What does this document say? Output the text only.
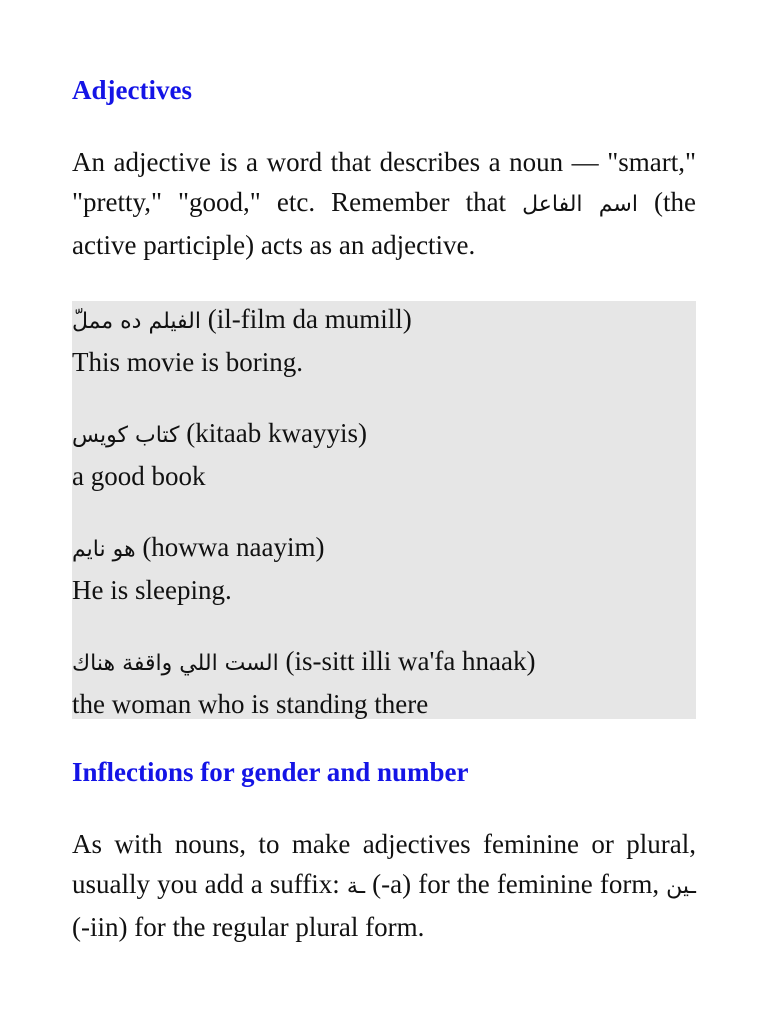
Adjectives

An adjective is a word that describes a noun — "smart," "pretty," "good," etc. Remember that اسم الفاعل (the active participle) acts as an adjective.

الفيلم ده مملّ (il-film da mumill)
This movie is boring.
كتاب كويس (kitaab kwayyis)
a good book
هو نايم (howwa naayim)
He is sleeping.
الست اللي واقفة هناك (is-sitt illi wa'fa hnaak)
the woman who is standing there
Inflections for gender and number

As with nouns, to make adjectives feminine or plural, usually you add a suffix: ـة (-a) for the feminine form, ـين (-iin) for the regular plural form.
